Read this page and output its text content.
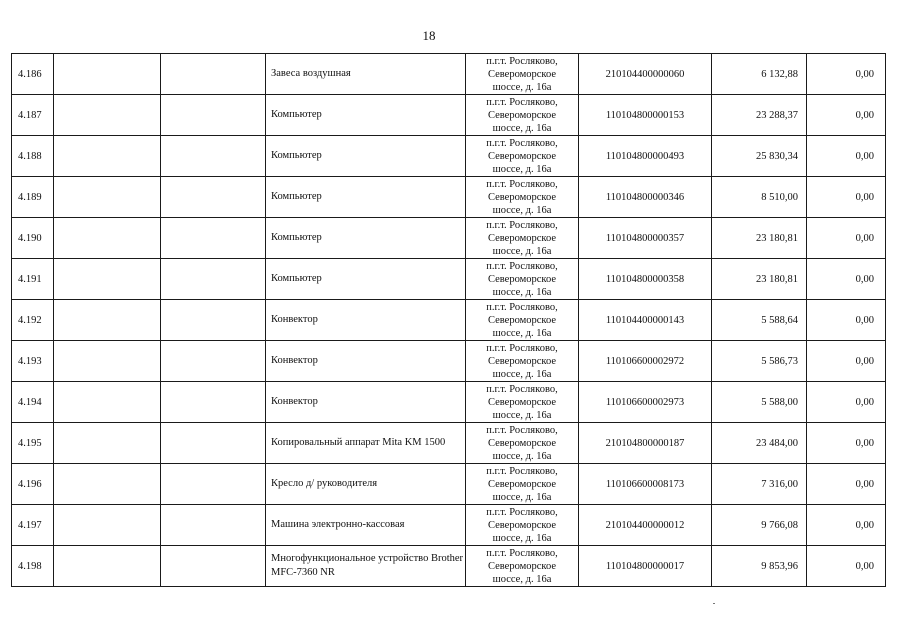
18
4.186			Завеса воздушная	п.г.т. Росляково,
Североморское
шоссе, д. 16а	210104400000060	6 132,88	0,00
4.187			Компьютер	п.г.т. Росляково,
Североморское
шоссе, д. 16а	110104800000153	23 288,37	0,00
4.188			Компьютер	п.г.т. Росляково,
Североморское
шоссе, д. 16а	110104800000493	25 830,34	0,00
4.189			Компьютер	п.г.т. Росляково,
Североморское
шоссе, д. 16а	110104800000346	8 510,00	0,00
4.190			Компьютер	п.г.т. Росляково,
Североморское
шоссе, д. 16а	110104800000357	23 180,81	0,00
4.191			Компьютер	п.г.т. Росляково,
Североморское
шоссе, д. 16а	110104800000358	23 180,81	0,00
4.192			Конвектор	п.г.т. Росляково,
Североморское
шоссе, д. 16а	110104400000143	5 588,64	0,00
4.193			Конвектор	п.г.т. Росляково,
Североморское
шоссе, д. 16а	110106600002972	5 586,73	0,00
4.194			Конвектор	п.г.т. Росляково,
Североморское
шоссе, д. 16а	110106600002973	5 588,00	0,00
4.195			Копировальный аппарат Mita KM 1500	п.г.т. Росляково,
Североморское
шоссе, д. 16а	210104800000187	23 484,00	0,00
4.196			Кресло д/ руководителя	п.г.т. Росляково,
Североморское
шоссе, д. 16а	110106600008173	7 316,00	0,00
4.197			Машина электронно-кассовая	п.г.т. Росляково,
Североморское
шоссе, д. 16а	210104400000012	9 766,08	0,00
4.198			Многофункциональное устройство Brother MFC-7360 NR	п.г.т. Росляково,
Североморское
шоссе, д. 16а	110104800000017	9 853,96	0,00
